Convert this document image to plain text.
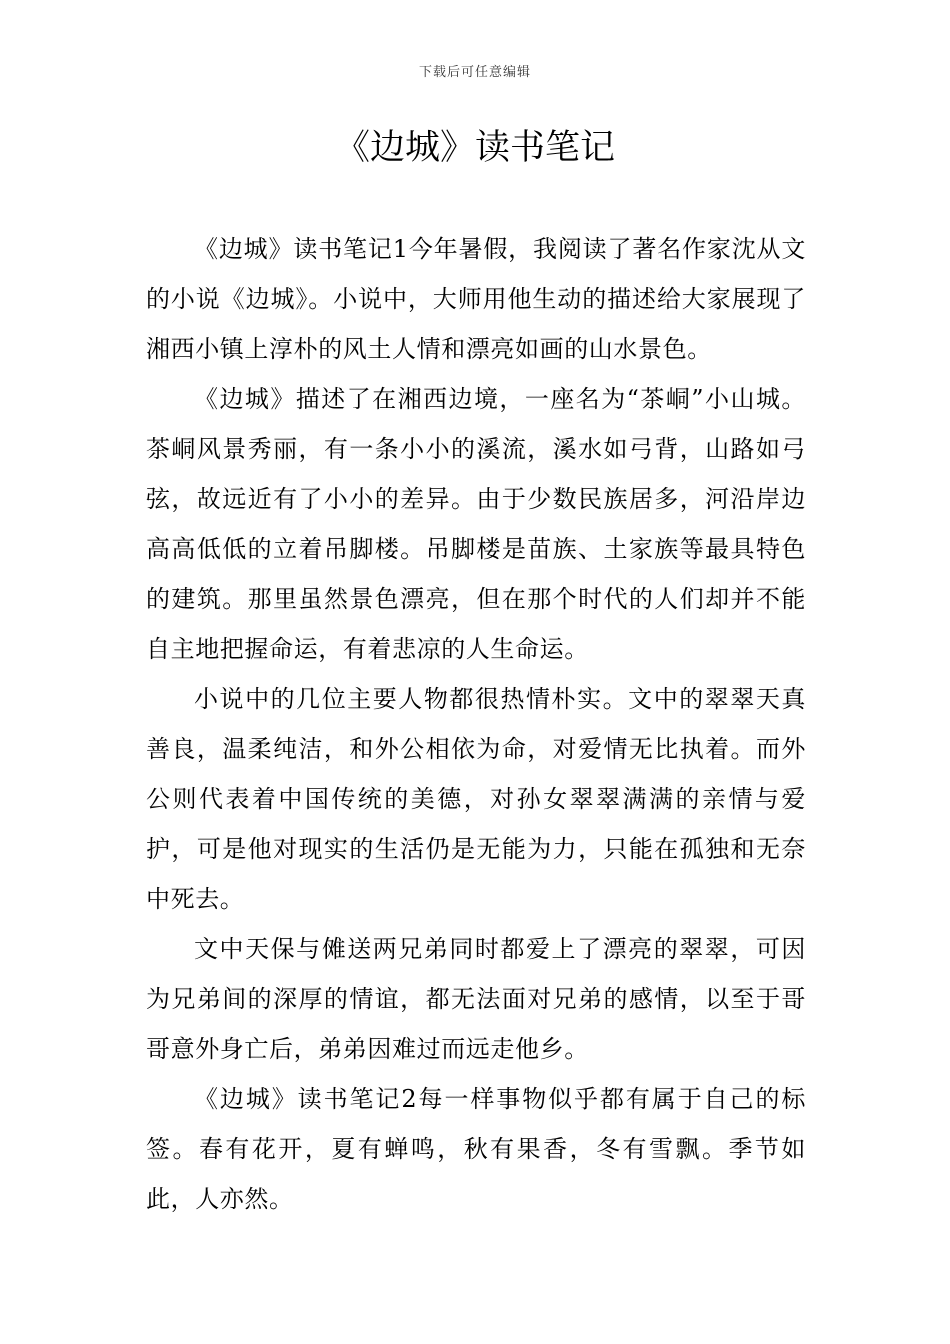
下载后可任意编辑
《边城》读书笔记

《边城》读书笔记1今年暑假，我阅读了著名作家沈从文的小说《边城》。小说中，大师用他生动的描述给大家展现了湘西小镇上淳朴的风土人情和漂亮如画的山水景色。

《边城》描述了在湘西边境，一座名为“茶峒”小山城。茶峒风景秀丽，有一条小小的溪流，溪水如弓背，山路如弓弦，故远近有了小小的差异。由于少数民族居多，河沿岸边高高低低的立着吊脚楼。吊脚楼是苗族、土家族等最具特色的建筑。那里虽然景色漂亮，但在那个时代的人们却并不能自主地把握命运，有着悲凉的人生命运。

小说中的几位主要人物都很热情朴实。文中的翠翠天真善良，温柔纯洁，和外公相依为命，对爱情无比执着。而外公则代表着中国传统的美德，对孙女翠翠满满的亲情与爱护，可是他对现实的生活仍是无能为力，只能在孤独和无奈中死去。

文中天保与傩送两兄弟同时都爱上了漂亮的翠翠，可因为兄弟间的深厚的情谊，都无法面对兄弟的感情，以至于哥哥意外身亡后，弟弟因难过而远走他乡。

《边城》读书笔记2每一样事物似乎都有属于自己的标签。春有花开，夏有蝉鸣，秋有果香，冬有雪飘。季节如此，人亦然。
